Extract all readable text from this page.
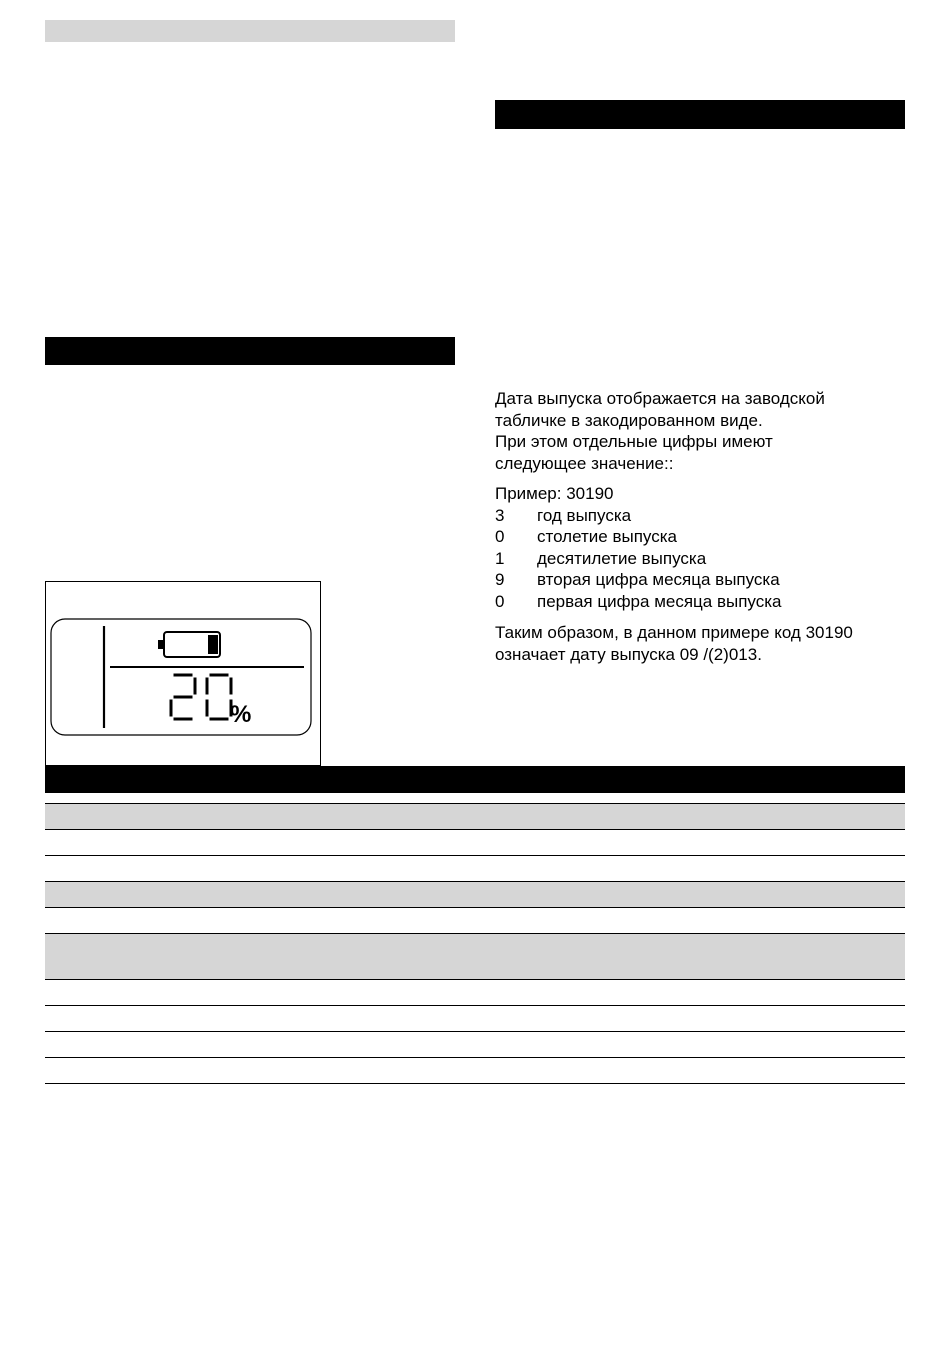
Дата выпуска отображается на заводской
табличке в закодированном виде.
При этом отдельные цифры имеют
следующее значение::
Пример: 30190
3 год выпуска
0 столетие выпуска
1 десятилетие выпуска
9 вторая цифра месяца выпуска
0 первая цифра месяца выпуска
Таким образом, в данном примере код 30190
означает дату выпуска 09 /(2)013.
%
